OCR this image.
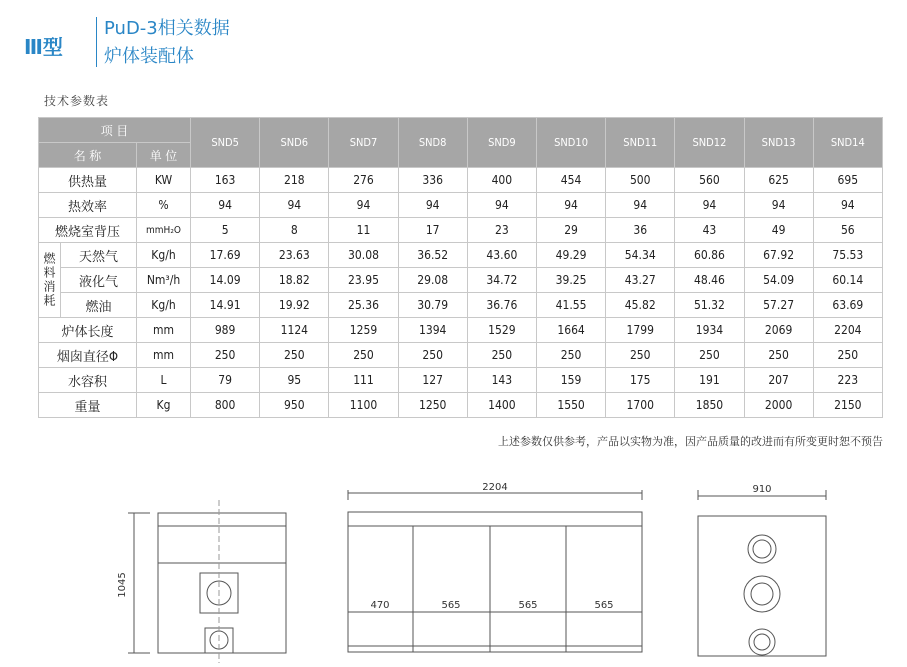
Ⅲ型
PuD-3相关数据
炉体装配体
技术参数表
项 目			SND5	SND6	SND7	SND8	SND9	SND10	SND11	SND12	SND13	SND14
名 称		单 位										
供热量		KW	163	218	276	336	400	454	500	560	625	695
热效率		%	94	94	94	94	94	94	94	94	94	94
燃烧室背压		mmH₂O	5	8	11	17	23	29	36	43	49	56
燃料消耗	天然气	Kg/h	17.69	23.63	30.08	36.52	43.60	49.29	54.34	60.86	67.92	75.53
	液化气	Nm³/h	14.09	18.82	23.95	29.08	34.72	39.25	43.27	48.46	54.09	60.14
	燃油	Kg/h	14.91	19.92	25.36	30.79	36.76	41.55	45.82	51.32	57.27	63.69
炉体长度		mm	989	1124	1259	1394	1529	1664	1799	1934	2069	2204
烟囱直径Φ		mm	250	250	250	250	250	250	250	250	250	250
水容积		L	79	95	111	127	143	159	175	191	207	223
重量		Kg	800	950	1100	1250	1400	1550	1700	1850	2000	2150
上述参数仅供参考，产品以实物为准，因产品质量的改进而有所变更时恕不预告
1045
2204
470	565	565	565
910
